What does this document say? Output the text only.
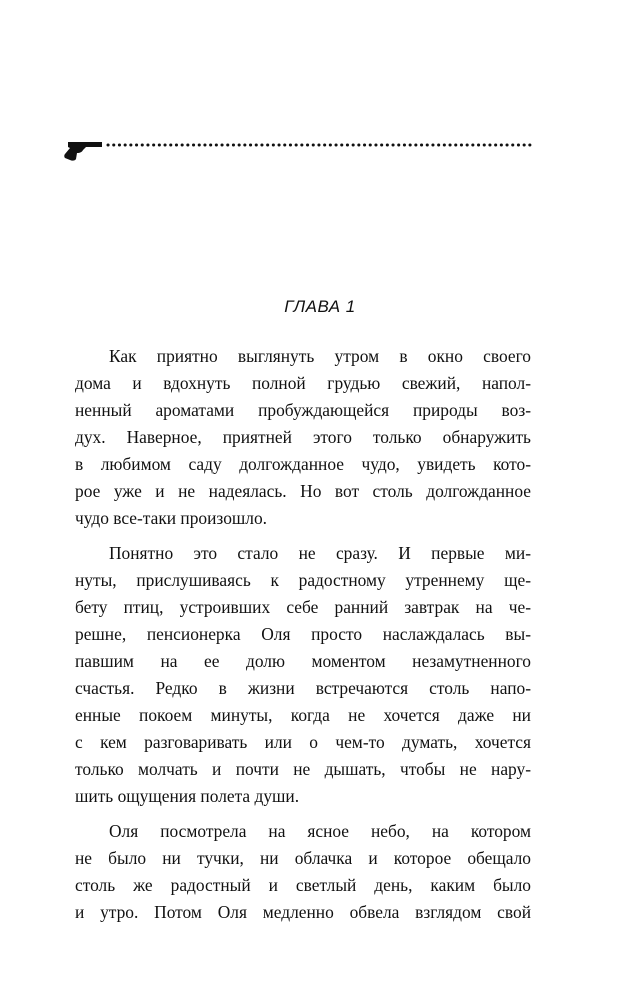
ГЛАВА 1
Как приятно выглянуть утром в окно своего
дома и вдохнуть полной грудью свежий, напол-
ненный ароматами пробуждающейся природы воз-
дух. Наверное, приятней этого только обнаружить
в любимом саду долгожданное чудо, увидеть кото-
рое уже и не надеялась. Но вот столь долгожданное
чудо все-таки произошло.
Понятно это стало не сразу. И первые ми-
нуты, прислушиваясь к радостному утреннему ще-
бету птиц, устроивших себе ранний завтрак на че-
решне, пенсионерка Оля просто наслаждалась вы-
павшим на ее долю моментом незамутненного
счастья. Редко в жизни встречаются столь напо-
енные покоем минуты, когда не хочется даже ни
с кем разговаривать или о чем-то думать, хочется
только молчать и почти не дышать, чтобы не нару-
шить ощущения полета души.
Оля посмотрела на ясное небо, на котором
не было ни тучки, ни облачка и которое обещало
столь же радостный и светлый день, каким было
и утро. Потом Оля медленно обвела взглядом свой
